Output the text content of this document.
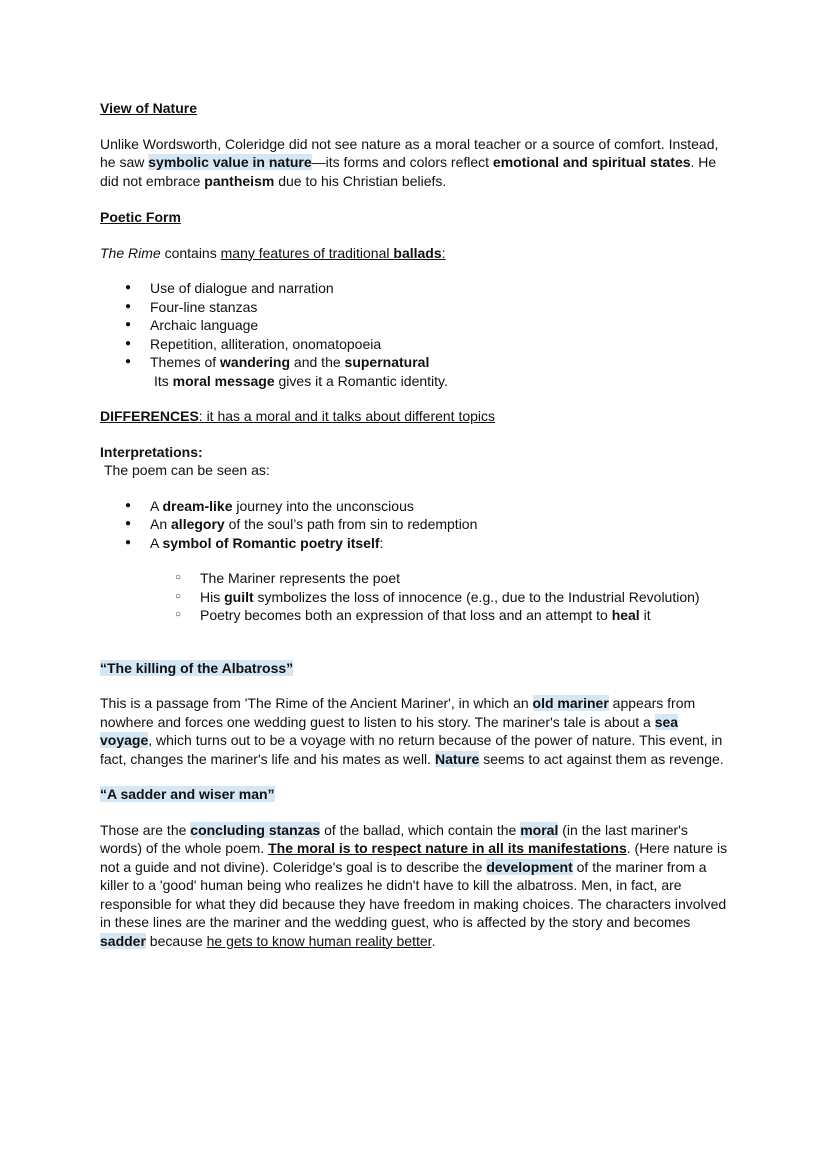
View of Nature

Unlike Wordsworth, Coleridge did not see nature as a moral teacher or a source of comfort. Instead, he saw symbolic value in nature—its forms and colors reflect emotional and spiritual states. He did not embrace pantheism due to his Christian beliefs.

Poetic Form

The Rime contains many features of traditional ballads:

● Use of dialogue and narration
● Four-line stanzas
● Archaic language
● Repetition, alliteration, onomatopoeia
● Themes of wandering and the supernatural

Its moral message gives it a Romantic identity.

DIFFERENCES: it has a moral and it talks about different topics

Interpretations:

The poem can be seen as:

● A dream-like journey into the unconscious
● An allegory of the soul’s path from sin to redemption
● A symbol of Romantic poetry itself:
○ The Mariner represents the poet
○ His guilt symbolizes the loss of innocence (e.g., due to the Industrial Revolution)
○ Poetry becomes both an expression of that loss and an attempt to heal it

“The killing of the Albatross”

This is a passage from 'The Rime of the Ancient Mariner', in which an old mariner appears from nowhere and forces one wedding guest to listen to his story. The mariner's tale is about a sea voyage, which turns out to be a voyage with no return because of the power of nature. This event, in fact, changes the mariner's life and his mates as well. Nature seems to act against them as revenge.

“A sadder and wiser man”

Those are the concluding stanzas of the ballad, which contain the moral (in the last mariner's words) of the whole poem. The moral is to respect nature in all its manifestations. (Here nature is not a guide and not divine). Coleridge's goal is to describe the development of the mariner from a killer to a 'good' human being who realizes he didn't have to kill the albatross. Men, in fact, are responsible for what they did because they have freedom in making choices. The characters involved in these lines are the mariner and the wedding guest, who is affected by the story and becomes sadder because he gets to know human reality better.
